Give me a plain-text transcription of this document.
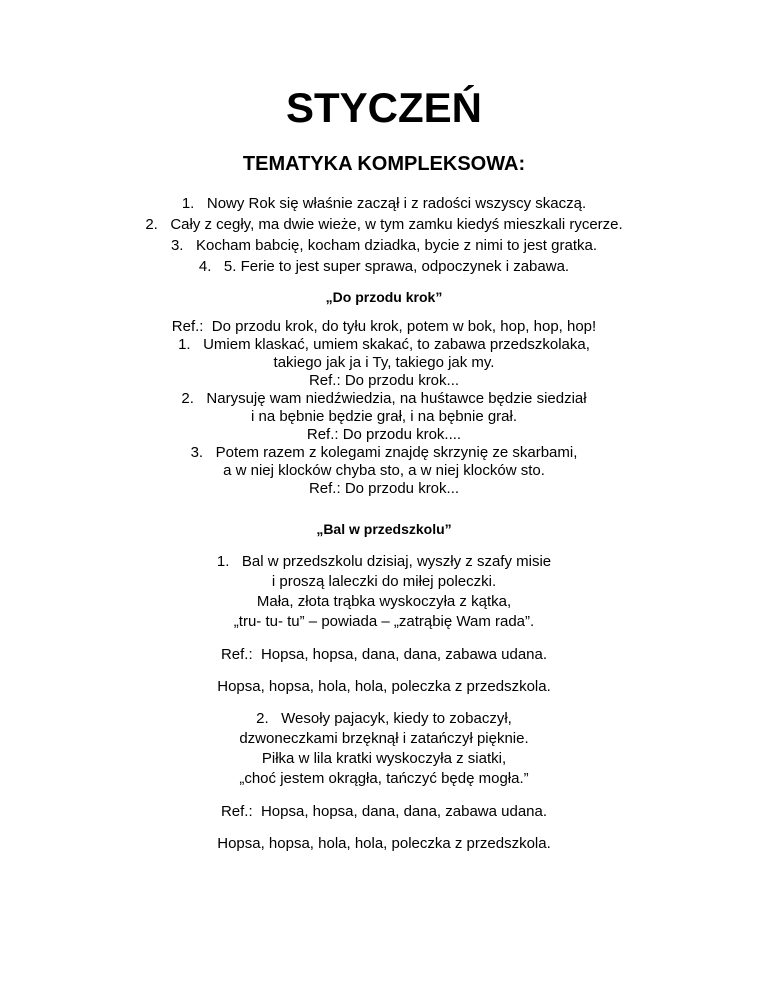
STYCZEŃ
TEMATYKA KOMPLEKSOWA:
1.   Nowy Rok się właśnie zaczął i z radości wszyscy skaczą.
2.   Cały z cegły, ma dwie wieże, w tym zamku kiedyś mieszkali rycerze.
3.   Kocham babcię, kocham dziadka, bycie z nimi to jest gratka.
4.   5. Ferie to jest super sprawa, odpoczynek i zabawa.
„Do przodu krok”
Ref.:  Do przodu krok, do tyłu krok, potem w bok, hop, hop, hop!
1.   Umiem klaskać, umiem skakać, to zabawa przedszkolaka,
takiego jak ja i Ty, takiego jak my.
Ref.: Do przodu krok...
2.   Narysuję wam niedźwiedzia, na huśtawce będzie siedział
i na bębnie będzie grał, i na bębnie grał.
Ref.: Do przodu krok....
3.   Potem razem z kolegami znajdę skrzynię ze skarbami,
a w niej klocków chyba sto, a w niej klocków sto.
Ref.: Do przodu krok...
„Bal w przedszkolu”
1.   Bal w przedszkolu dzisiaj, wyszły z szafy misie
i proszą laleczki do miłej poleczki.
Mała, złota trąbka wyskoczyła z kątka,
„tru- tu- tu” – powiada – „zatrąbię Wam rada”.
Ref.:  Hopsa, hopsa, dana, dana, zabawa udana.
Hopsa, hopsa, hola, hola, poleczka z przedszkola.
2.   Wesoły pajacyk, kiedy to zobaczył,
dzwoneczkami brzęknął i zatańczył pięknie.
Piłka w lila kratki wyskoczyła z siatki,
„choć jestem okrągła, tańczyć będę mogła.”
Ref.:  Hopsa, hopsa, dana, dana, zabawa udana.
Hopsa, hopsa, hola, hola, poleczka z przedszkola.
